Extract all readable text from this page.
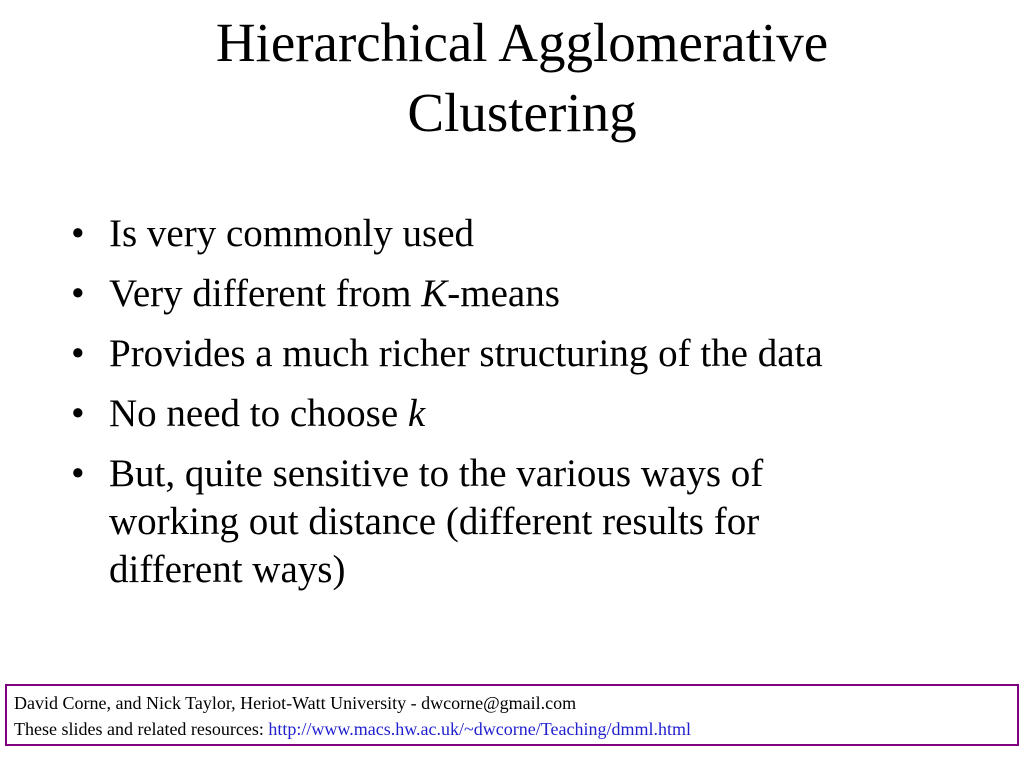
Hierarchical Agglomerative
Clustering
• Is very commonly used
• Very different from K-means
• Provides a much richer structuring of the data
• No need to choose k
• But, quite sensitive to the various ways of working out distance (different results for different ways)
David Corne, and Nick Taylor, Heriot-Watt University - dwcorne@gmail.com
These slides and related resources: http://www.macs.hw.ac.uk/~dwcorne/Teaching/dmml.html
